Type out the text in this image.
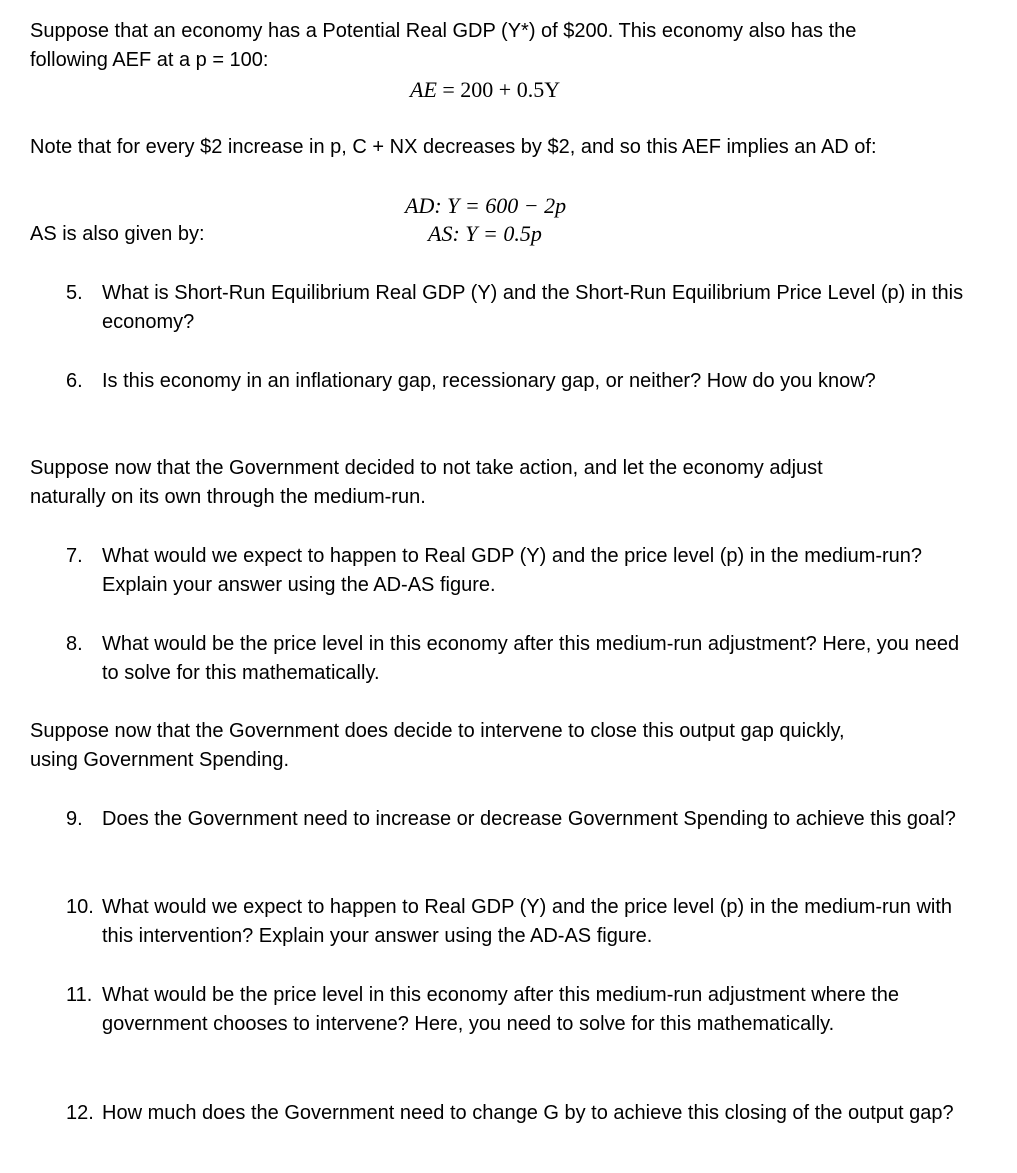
Suppose that an economy has a Potential Real GDP (Y*) of $200. This economy also has the
following AEF at a p = 100:
AE = 200 + 0.5Y
Note that for every $2 increase in p, C + NX decreases by $2, and so this AEF implies an AD of:
AD: Y = 600 − 2p
AS is also given by:	AS: Y = 0.5p
5. What is Short-Run Equilibrium Real GDP (Y) and the Short-Run Equilibrium Price Level (p) in this economy?
6. Is this economy in an inflationary gap, recessionary gap, or neither? How do you know?
Suppose now that the Government decided to not take action, and let the economy adjust
naturally on its own through the medium-run.
7. What would we expect to happen to Real GDP (Y) and the price level (p) in the medium-run? Explain your answer using the AD-AS figure.
8. What would be the price level in this economy after this medium-run adjustment? Here, you need to solve for this mathematically.
Suppose now that the Government does decide to intervene to close this output gap quickly,
using Government Spending.
9. Does the Government need to increase or decrease Government Spending to achieve this goal?
10. What would we expect to happen to Real GDP (Y) and the price level (p) in the medium-run with this intervention? Explain your answer using the AD-AS figure.
11. What would be the price level in this economy after this medium-run adjustment where the government chooses to intervene? Here, you need to solve for this mathematically.
12. How much does the Government need to change G by to achieve this closing of the output gap?
